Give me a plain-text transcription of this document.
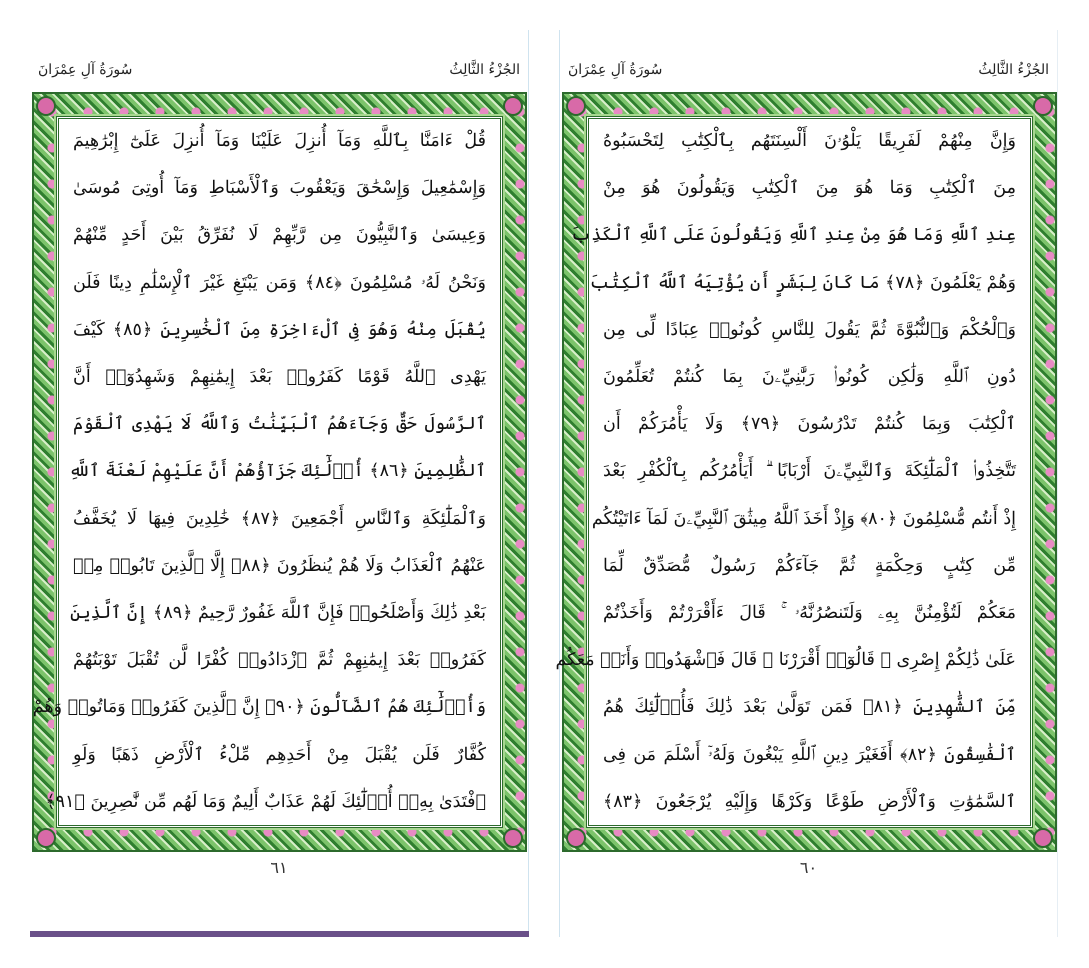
الجُزْءُ الثَّالِثُ
سُورَةُ آلِ عِمْرَانَ
قُلْ ءَامَنَّا بِٱللَّهِ وَمَآ أُنزِلَ عَلَيْنَا وَمَآ أُنزِلَ عَلَىٰٓ إِبْرَٰهِيمَ
وَإِسْمَٰعِيلَ وَإِسْحَٰقَ وَيَعْقُوبَ وَٱلْأَسْبَاطِ وَمَآ أُوتِىَ مُوسَىٰ
وَعِيسَىٰ وَٱلنَّبِيُّونَ مِن رَّبِّهِمْ لَا نُفَرِّقُ بَيْنَ أَحَدٍ مِّنْهُمْ
وَنَحْنُ لَهُۥ مُسْلِمُونَ ﴿٨٤﴾ وَمَن يَبْتَغِ غَيْرَ ٱلْإِسْلَٰمِ دِينًا فَلَن
يُقْبَلَ مِنْهُ وَهُوَ فِى ٱلْءَاخِرَةِ مِنَ ٱلْخَٰسِرِينَ ﴿٨٥﴾ كَيْفَ
يَهْدِى ٱللَّهُ قَوْمًا كَفَرُوا۟ بَعْدَ إِيمَٰنِهِمْ وَشَهِدُوٓا۟ أَنَّ
ٱلرَّسُولَ حَقٌّ وَجَآءَهُمُ ٱلْبَيِّنَٰتُ وَٱللَّهُ لَا يَهْدِى ٱلْقَوْمَ
ٱلظَّٰلِمِينَ ﴿٨٦﴾ أُو۟لَٰٓئِكَ جَزَآؤُهُمْ أَنَّ عَلَيْهِمْ لَعْنَةَ ٱللَّهِ
وَٱلْمَلَٰٓئِكَةِ وَٱلنَّاسِ أَجْمَعِينَ ﴿٨٧﴾ خَٰلِدِينَ فِيهَا لَا يُخَفَّفُ
عَنْهُمُ ٱلْعَذَابُ وَلَا هُمْ يُنظَرُونَ ﴿٨٨﴾ إِلَّا ٱلَّذِينَ تَابُوا۟ مِنۢ
بَعْدِ ذَٰلِكَ وَأَصْلَحُوا۟ فَإِنَّ ٱللَّهَ غَفُورٌ رَّحِيمٌ ﴿٨٩﴾ إِنَّ ٱلَّذِينَ
كَفَرُوا۟ بَعْدَ إِيمَٰنِهِمْ ثُمَّ ٱزْدَادُوا۟ كُفْرًا لَّن تُقْبَلَ تَوْبَتُهُمْ
وَأُو۟لَٰٓئِكَ هُمُ ٱلضَّآلُّونَ ﴿٩٠﴾ إِنَّ ٱلَّذِينَ كَفَرُوا۟ وَمَاتُوا۟ وَهُمْ
كُفَّارٌ فَلَن يُقْبَلَ مِنْ أَحَدِهِم مِّلْءُ ٱلْأَرْضِ ذَهَبًا وَلَوِ
ٱفْتَدَىٰ بِهِۦٓ أُو۟لَٰٓئِكَ لَهُمْ عَذَابٌ أَلِيمٌ وَمَا لَهُم مِّن نَّٰصِرِينَ ﴿٩١﴾
٦١
الجُزْءُ الثَّالِثُ
سُورَةُ آلِ عِمْرَانَ
وَإِنَّ مِنْهُمْ لَفَرِيقًا يَلْوُۥنَ أَلْسِنَتَهُم بِٱلْكِتَٰبِ لِتَحْسَبُوهُ
مِنَ ٱلْكِتَٰبِ وَمَا هُوَ مِنَ ٱلْكِتَٰبِ وَيَقُولُونَ هُوَ مِنْ
عِندِ ٱللَّهِ وَمَا هُوَ مِنْ عِندِ ٱللَّهِ وَيَقُولُونَ عَلَى ٱللَّهِ ٱلْكَذِبَ
وَهُمْ يَعْلَمُونَ ﴿٧٨﴾ مَا كَانَ لِبَشَرٍ أَن يُؤْتِيَهُ ٱللَّهُ ٱلْكِتَٰبَ
وَٱلْحُكْمَ وَٱلنُّبُوَّةَ ثُمَّ يَقُولَ لِلنَّاسِ كُونُوا۟ عِبَادًا لِّى مِن
دُونِ ٱللَّهِ وَلَٰكِن كُونُوا۟ رَبَّٰنِيِّۦنَ بِمَا كُنتُمْ تُعَلِّمُونَ
ٱلْكِتَٰبَ وَبِمَا كُنتُمْ تَدْرُسُونَ ﴿٧٩﴾ وَلَا يَأْمُرَكُمْ أَن
تَتَّخِذُوا۟ ٱلْمَلَٰٓئِكَةَ وَٱلنَّبِيِّۦنَ أَرْبَابًا ۗ أَيَأْمُرُكُم بِٱلْكُفْرِ بَعْدَ
إِذْ أَنتُم مُّسْلِمُونَ ﴿٨٠﴾ وَإِذْ أَخَذَ ٱللَّهُ مِيثَٰقَ ٱلنَّبِيِّۦنَ لَمَآ ءَاتَيْتُكُم
مِّن كِتَٰبٍ وَحِكْمَةٍ ثُمَّ جَآءَكُمْ رَسُولٌ مُّصَدِّقٌ لِّمَا
مَعَكُمْ لَتُؤْمِنُنَّ بِهِۦ وَلَتَنصُرُنَّهُۥ ۚ قَالَ ءَأَقْرَرْتُمْ وَأَخَذْتُمْ
عَلَىٰ ذَٰلِكُمْ إِصْرِى ۖ قَالُوٓا۟ أَقْرَرْنَا ۚ قَالَ فَٱشْهَدُوا۟ وَأَنَا۠ مَعَكُم
مِّنَ ٱلشَّٰهِدِينَ ﴿٨١﴾ فَمَن تَوَلَّىٰ بَعْدَ ذَٰلِكَ فَأُو۟لَٰٓئِكَ هُمُ
ٱلْفَٰسِقُونَ ﴿٨٢﴾ أَفَغَيْرَ دِينِ ٱللَّهِ يَبْغُونَ وَلَهُۥٓ أَسْلَمَ مَن فِى
ٱلسَّمَٰوَٰتِ وَٱلْأَرْضِ طَوْعًا وَكَرْهًا وَإِلَيْهِ يُرْجَعُونَ ﴿٨٣﴾
٦٠
